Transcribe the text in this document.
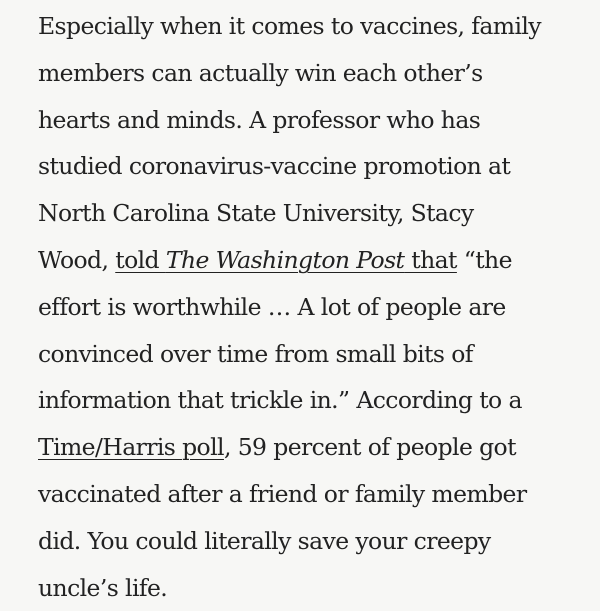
Especially when it comes to vaccines, family
members can actually win each other’s
hearts and minds. A professor who has
studied coronavirus-vaccine promotion at
North Carolina State University, Stacy
Wood, told The Washington Post that “the
effort is worthwhile … A lot of people are
convinced over time from small bits of
information that trickle in.” According to a
Time/Harris poll, 59 percent of people got
vaccinated after a friend or family member
did. You could literally save your creepy
uncle’s life.
